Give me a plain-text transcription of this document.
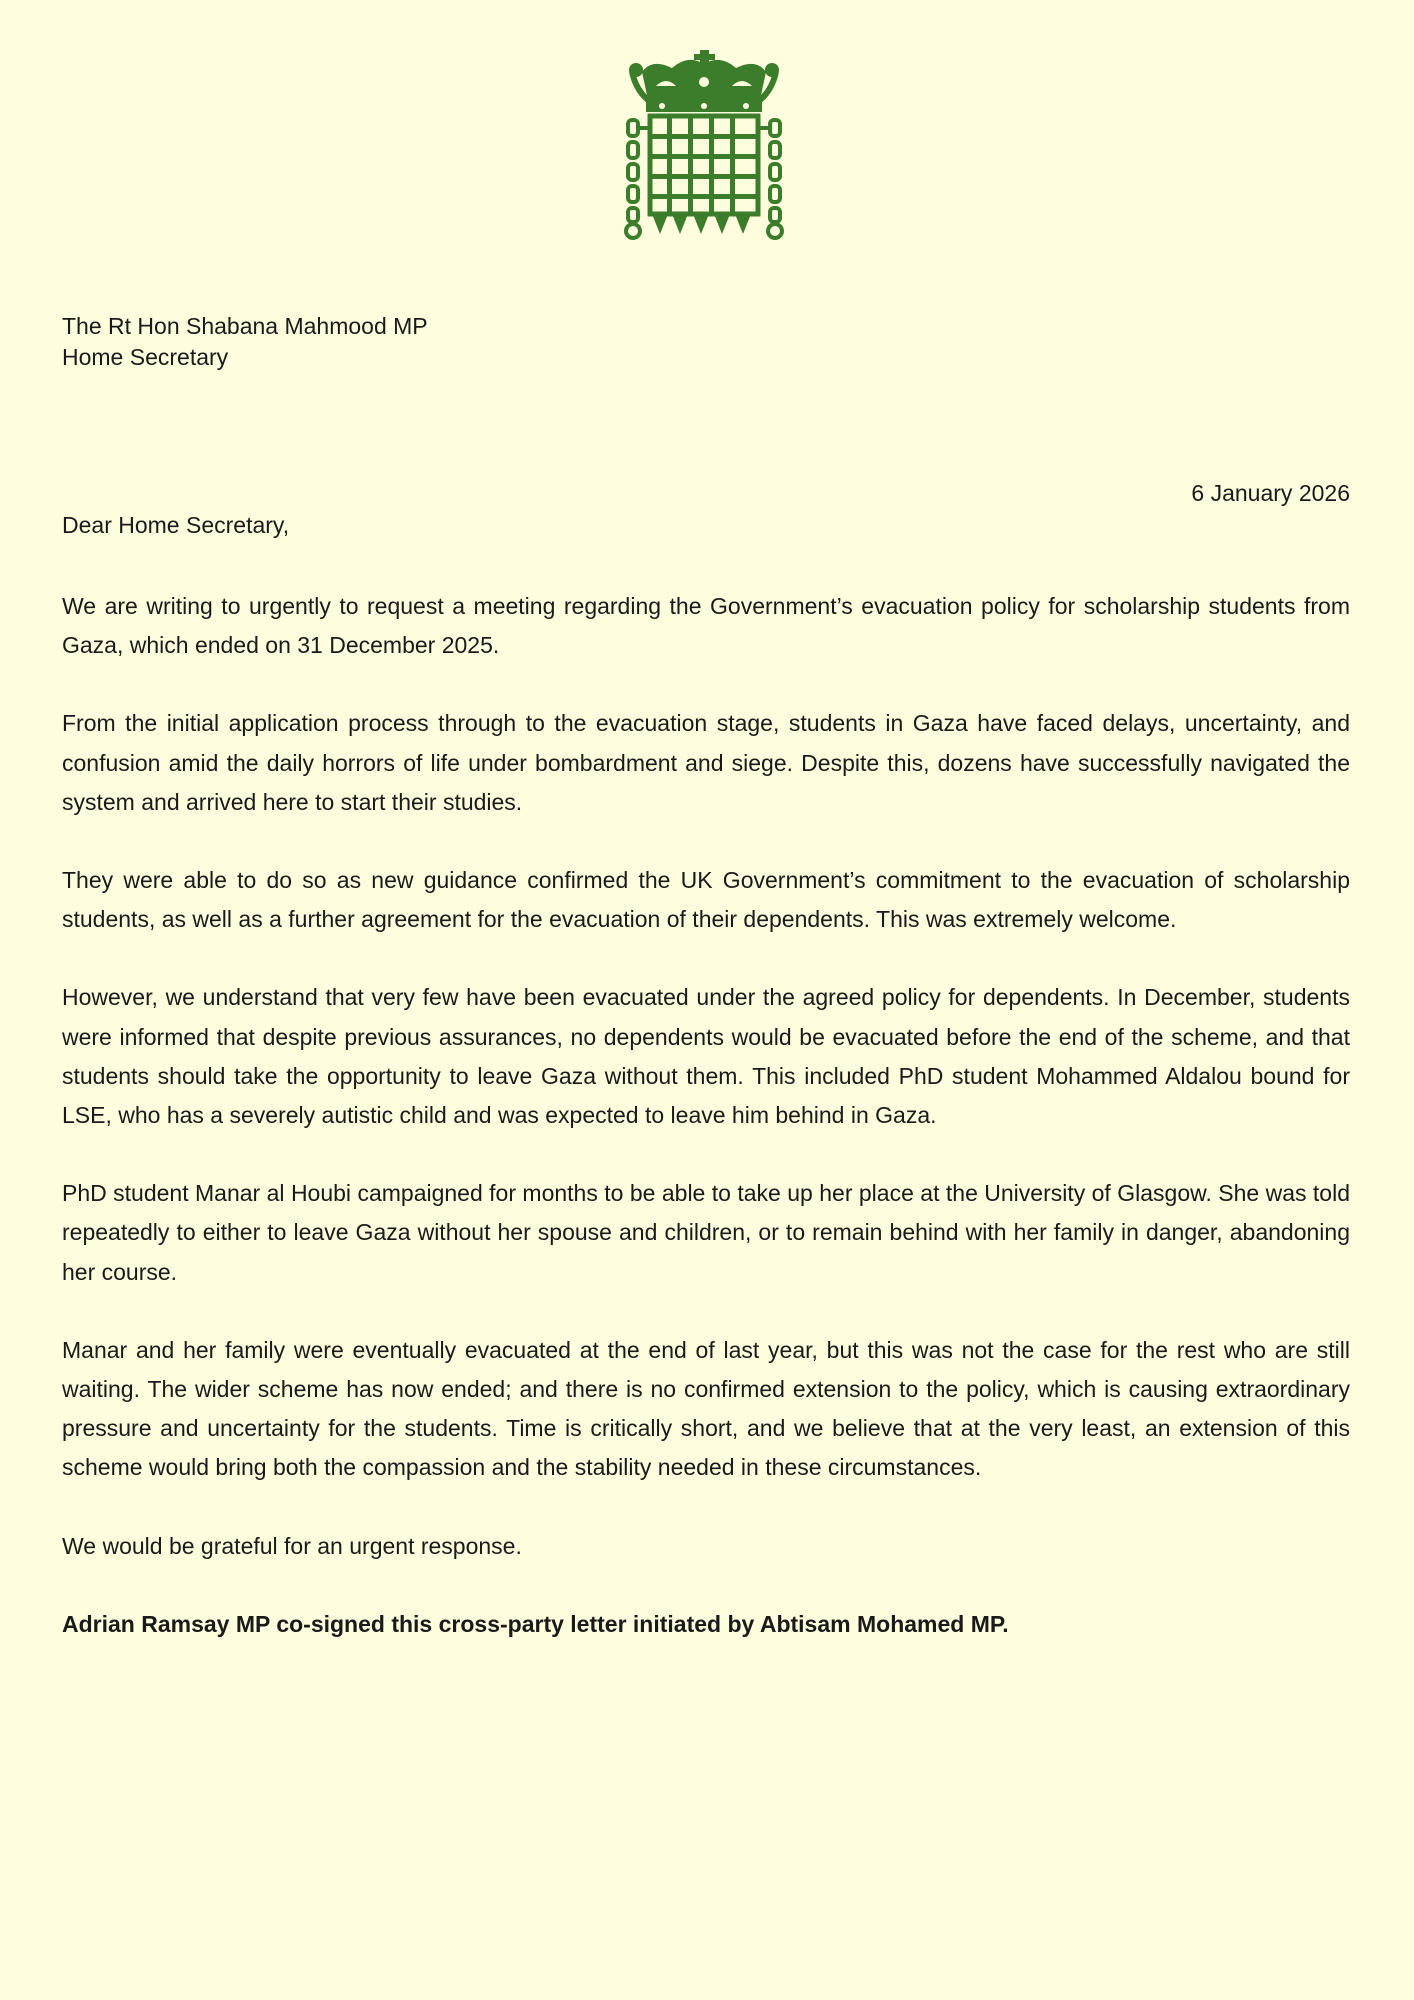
The Rt Hon Shabana Mahmood MP
Home Secretary
6 January 2026
Dear Home Secretary,

We are writing to urgently to request a meeting regarding the Government’s evacuation policy for scholarship students from Gaza, which ended on 31 December 2025.

From the initial application process through to the evacuation stage, students in Gaza have faced delays, uncertainty, and confusion amid the daily horrors of life under bombardment and siege. Despite this, dozens have successfully navigated the system and arrived here to start their studies.

They were able to do so as new guidance confirmed the UK Government’s commitment to the evacuation of scholarship students, as well as a further agreement for the evacuation of their dependents. This was extremely welcome.

However, we understand that very few have been evacuated under the agreed policy for dependents. In December, students were informed that despite previous assurances, no dependents would be evacuated before the end of the scheme, and that students should take the opportunity to leave Gaza without them. This included PhD student Mohammed Aldalou bound for LSE, who has a severely autistic child and was expected to leave him behind in Gaza.

PhD student Manar al Houbi campaigned for months to be able to take up her place at the University of Glasgow. She was told repeatedly to either to leave Gaza without her spouse and children, or to remain behind with her family in danger, abandoning her course.

Manar and her family were eventually evacuated at the end of last year, but this was not the case for the rest who are still waiting. The wider scheme has now ended; and there is no confirmed extension to the policy, which is causing extraordinary pressure and uncertainty for the students. Time is critically short, and we believe that at the very least, an extension of this scheme would bring both the compassion and the stability needed in these circumstances.

We would be grateful for an urgent response.

Adrian Ramsay MP co-signed this cross-party letter initiated by Abtisam Mohamed MP.
